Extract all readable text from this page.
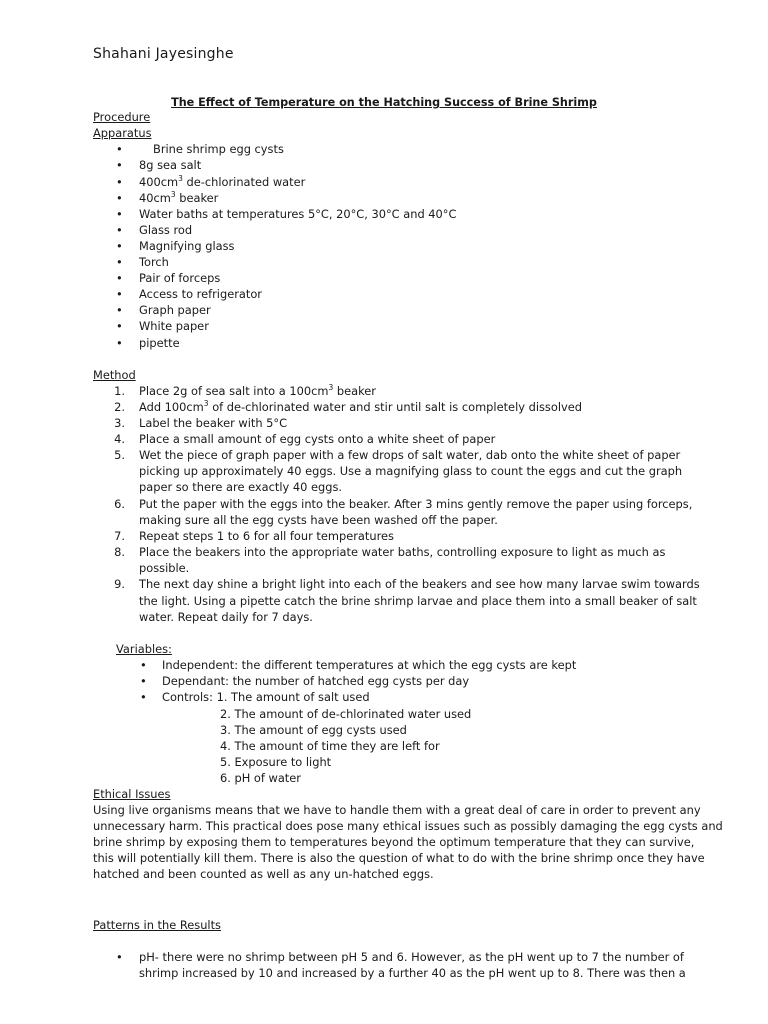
Shahani Jayesinghe
The Effect of Temperature on the Hatching Success of Brine Shrimp
Procedure
Apparatus
•	Brine shrimp egg cysts
• 8g sea salt
• $400cm^3$ de-chlorinated water
• $40cm^3$ beaker
• Water baths at temperatures 5°C, 20°C, 30°C and 40°C
• Glass rod
• Magnifying glass
• Torch
• Pair of forceps
• Access to refrigerator
• Graph paper
• White paper
• pipette
Method
1. Place 2g of sea salt into a $100cm^3$ beaker
2. Add $100cm^3$ of de-chlorinated water and stir until salt is completely dissolved
3. Label the beaker with 5°C
4. Place a small amount of egg cysts onto a white sheet of paper
5. Wet the piece of graph paper with a few drops of salt water, dab onto the white sheet of paper
picking up approximately 40 eggs. Use a magnifying glass to count the eggs and cut the graph
paper so there are exactly 40 eggs.
6. Put the paper with the eggs into the beaker. After 3 mins gently remove the paper using forceps,
making sure all the egg cysts have been washed off the paper.
7. Repeat steps 1 to 6 for all four temperatures
8. Place the beakers into the appropriate water baths, controlling exposure to light as much as
possible.
9. The next day shine a bright light into each of the beakers and see how many larvae swim towards
the light. Using a pipette catch the brine shrimp larvae and place them into a small beaker of salt
water. Repeat daily for 7 days.
Variables:
• Independent: the different temperatures at which the egg cysts are kept
• Dependant: the number of hatched egg cysts per day
• Controls: 1. The amount of salt used
2. The amount of de-chlorinated water used
3. The amount of egg cysts used
4. The amount of time they are left for
5. Exposure to light
6. pH of water
Ethical Issues
Using live organisms means that we have to handle them with a great deal of care in order to prevent any
unnecessary harm. This practical does pose many ethical issues such as possibly damaging the egg cysts and
brine shrimp by exposing them to temperatures beyond the optimum temperature that they can survive,
this will potentially kill them. There is also the question of what to do with the brine shrimp once they have
hatched and been counted as well as any un-hatched eggs.
Patterns in the Results
• pH- there were no shrimp between pH 5 and 6. However, as the pH went up to 7 the number of
shrimp increased by 10 and increased by a further 40 as the pH went up to 8. There was then a
